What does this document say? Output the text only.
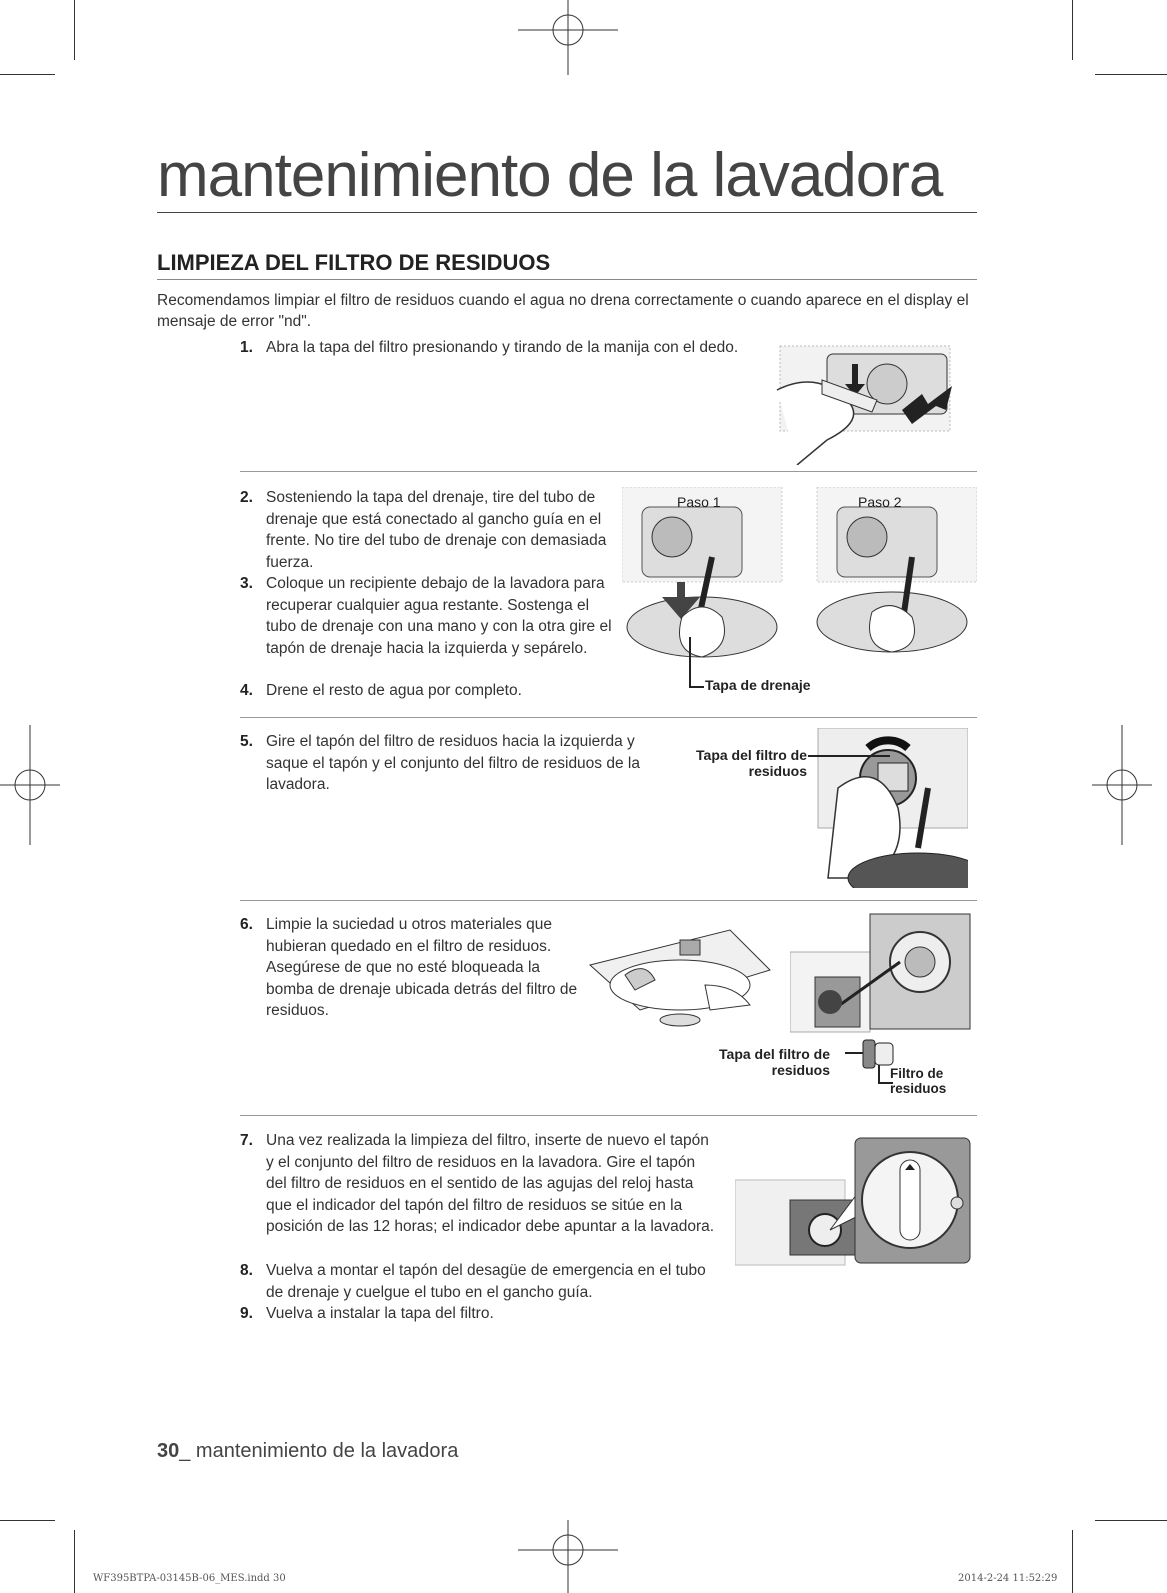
mantenimiento de la lavadora
LIMPIEZA DEL FILTRO DE RESIDUOS
Recomendamos limpiar el filtro de residuos cuando el agua no drena correctamente o cuando aparece en el display el mensaje de error "nd".
1. Abra la tapa del filtro presionando y tirando de la manija con el dedo.
2. Sosteniendo la tapa del drenaje, tire del tubo de drenaje que está conectado al gancho guía en el frente. No tire del tubo de drenaje con demasiada fuerza.
3. Coloque un recipiente debajo de la lavadora para recuperar cualquier agua restante. Sostenga el tubo de drenaje con una mano y con la otra gire el tapón de drenaje hacia la izquierda y sepárelo.
4. Drene el resto de agua por completo.
Paso 1	Paso 2
Tapa de drenaje
5. Gire el tapón del filtro de residuos hacia la izquierda y saque el tapón y el conjunto del filtro de residuos de la lavadora.
Tapa del filtro de residuos
6. Limpie la suciedad u otros materiales que hubieran quedado en el filtro de residuos. Asegúrese de que no esté bloqueada la bomba de drenaje ubicada detrás del filtro de residuos.
Tapa del filtro de residuos	Filtro de residuos
7. Una vez realizada la limpieza del filtro, inserte de nuevo el tapón y el conjunto del filtro de residuos en la lavadora. Gire el tapón del filtro de residuos en el sentido de las agujas del reloj hasta que el indicador del tapón del filtro de residuos se sitúe en la posición de las 12 horas; el indicador debe apuntar a la lavadora.
8. Vuelva a montar el tapón del desagüe de emergencia en el tubo de drenaje y cuelgue el tubo en el gancho guía.
9. Vuelva a instalar la tapa del filtro.
30_ mantenimiento de la lavadora
WF395BTPA-03145B-06_MES.indd 30	2014-2-24 11:52:29
